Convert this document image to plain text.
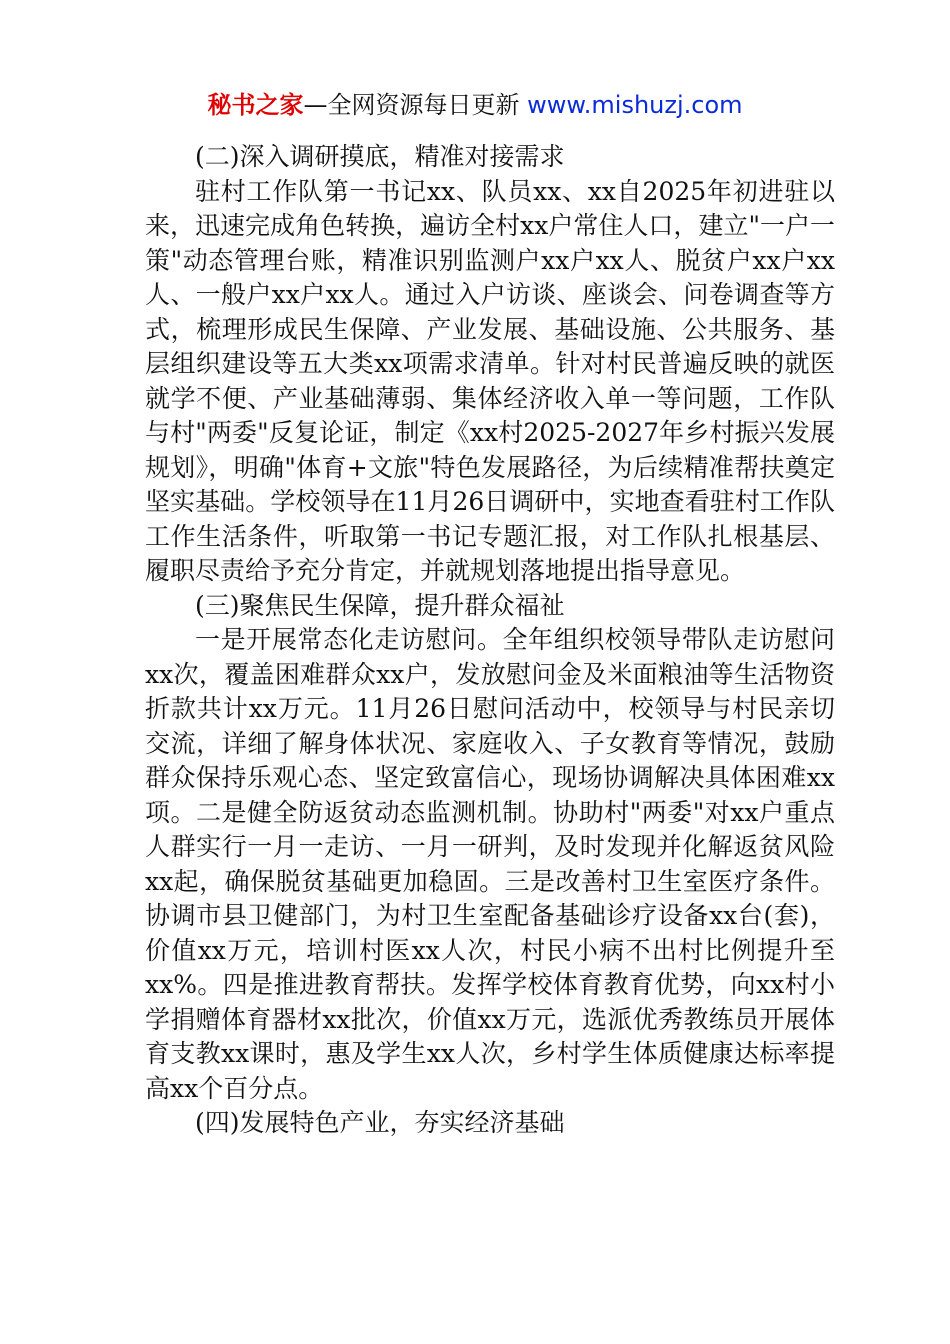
秘书之家—全网资源每日更新 www.mishuzj.com

(二)深入调研摸底，精准对接需求

驻村工作队第一书记xx、队员xx、xx自2025年初进驻以来，迅速完成角色转换，遍访全村xx户常住人口，建立"一户一策"动态管理台账，精准识别监测户xx户xx人、脱贫户xx户xx人、一般户xx户xx人。通过入户访谈、座谈会、问卷调查等方式，梳理形成民生保障、产业发展、基础设施、公共服务、基层组织建设等五大类xx项需求清单。针对村民普遍反映的就医就学不便、产业基础薄弱、集体经济收入单一等问题，工作队与村"两委"反复论证，制定《xx村2025-2027年乡村振兴发展规划》，明确"体育+文旅"特色发展路径，为后续精准帮扶奠定坚实基础。学校领导在11月26日调研中，实地查看驻村工作队工作生活条件，听取第一书记专题汇报，对工作队扎根基层、履职尽责给予充分肯定，并就规划落地提出指导意见。

(三)聚焦民生保障，提升群众福祉

一是开展常态化走访慰问。全年组织校领导带队走访慰问xx次，覆盖困难群众xx户，发放慰问金及米面粮油等生活物资折款共计xx万元。11月26日慰问活动中，校领导与村民亲切交流，详细了解身体状况、家庭收入、子女教育等情况，鼓励群众保持乐观心态、坚定致富信心，现场协调解决具体困难xx项。二是健全防返贫动态监测机制。协助村"两委"对xx户重点人群实行一月一走访、一月一研判，及时发现并化解返贫风险xx起，确保脱贫基础更加稳固。三是改善村卫生室医疗条件。协调市县卫健部门，为村卫生室配备基础诊疗设备xx台(套)，价值xx万元，培训村医xx人次，村民小病不出村比例提升至xx%。四是推进教育帮扶。发挥学校体育教育优势，向xx村小学捐赠体育器材xx批次，价值xx万元，选派优秀教练员开展体育支教xx课时，惠及学生xx人次，乡村学生体质健康达标率提高xx个百分点。

(四)发展特色产业，夯实经济基础
